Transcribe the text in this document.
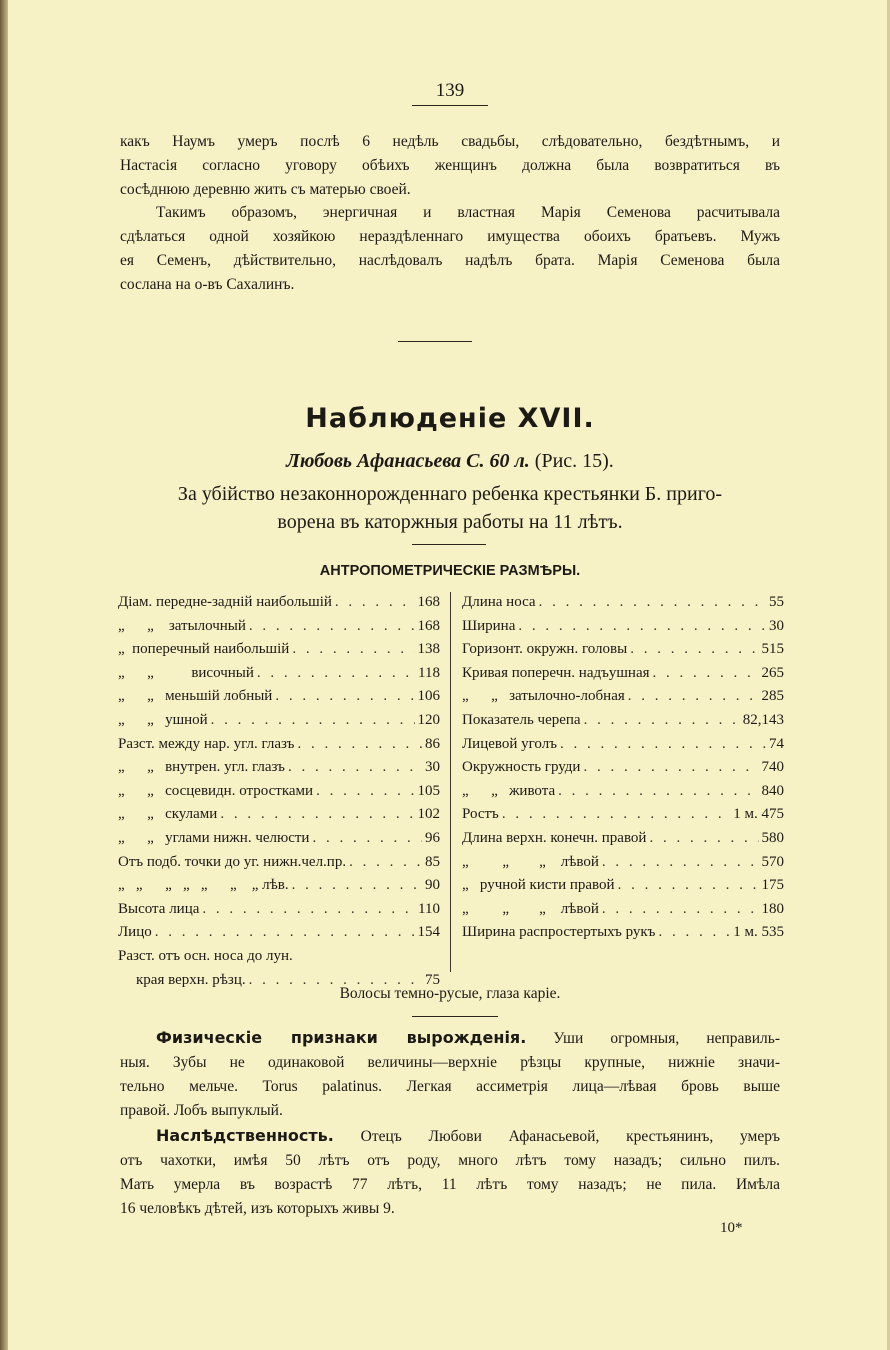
139

какъ Наумъ умеръ послѣ 6 недѣль свадьбы, слѣдовательно, бездѣтнымъ, и
Настасія согласно уговору обѣихъ женщинъ должна была возвратиться въ
сосѣднюю деревню жить съ матерью своей.

Такимъ образомъ, энергичная и властная Марія Семенова расчитывала
сдѣлаться одной хозяйкою нераздѣленнаго имущества обоихъ братьевъ. Мужъ
ея Семенъ, дѣйствительно, наслѣдовалъ надѣлъ брата. Марія Семенова была
сослана на о-въ Сахалинъ.

Наблюденіе XVII.
Любовь Афанасьева С. 60 л. (Рис. 15).

За убійство незаконнорожденнаго ребенка крестьянки Б. приго-
ворена въ каторжныя работы на 11 лѣтъ.

АНТРОПОМЕТРИЧЕСКІЕ РАЗМѢРЫ.
Діам. передне-задній наибольшій . . .	168
„      „    затылочный . . .	168
„  поперечный наибольшій . . .	138
„      „          височный . . .	118
„      „   меньшій лобный . . .	106
„      „   ушной . . .	120
Разст. между нар. угл. глазъ . . .	86
„      „   внутрен. угл. глазъ . . .	30
„      „   сосцевидн. отростками . . .	105
„      „   скулами . . .	102
„      „   углами нижн. челюсти . . .	96
Отъ подб. точки до уг. нижн.чел.пр. . . .	85
„   „      „   „   „      „    „ лѣв. . . .	90
Высота лица . . .	110
Лицо . . .	154
Разст. отъ осн. носа до лун.
края верхн. рѣзц. . . .	75
Длина носа . . .	55
Ширина . . .	30
Горизонт. окружн. головы . . .	515
Кривая поперечн. надъушная . . .	265
„      „   затылочно-лобная . . .	285
Показатель черепа . . .	82,143
Лицевой уголъ . . .	74
Окружность груди . . .	740
„      „   живота . . .	840
Ростъ . . .	1 м. 475
Длина верхн. конечн. правой . . .	580
„         „        „    лѣвой . . .	570
„   ручной кисти правой . . .	175
„         „        „    лѣвой . . .	180
Ширина распростертыхъ рукъ . . .	1 м. 535
Волосы темно-русые, глаза каріе.

Физическіе признаки вырожденія. Уши огромныя, неправиль-
ныя. Зубы не одинаковой величины—верхніе рѣзцы крупные, нижніе значи-
тельно мельче. Torus palatinus. Легкая ассиметрія лица—лѣвая бровь выше
правой. Лобъ выпуклый.

Наслѣдственность. Отецъ Любови Афанасьевой, крестьянинъ, умеръ
отъ чахотки, имѣя 50 лѣтъ отъ роду, много лѣтъ тому назадъ; сильно пилъ.
Мать умерла въ возрастѣ 77 лѣтъ, 11 лѣтъ тому назадъ; не пила. Имѣла
16 человѣкъ дѣтей, изъ которыхъ живы 9.

10*
